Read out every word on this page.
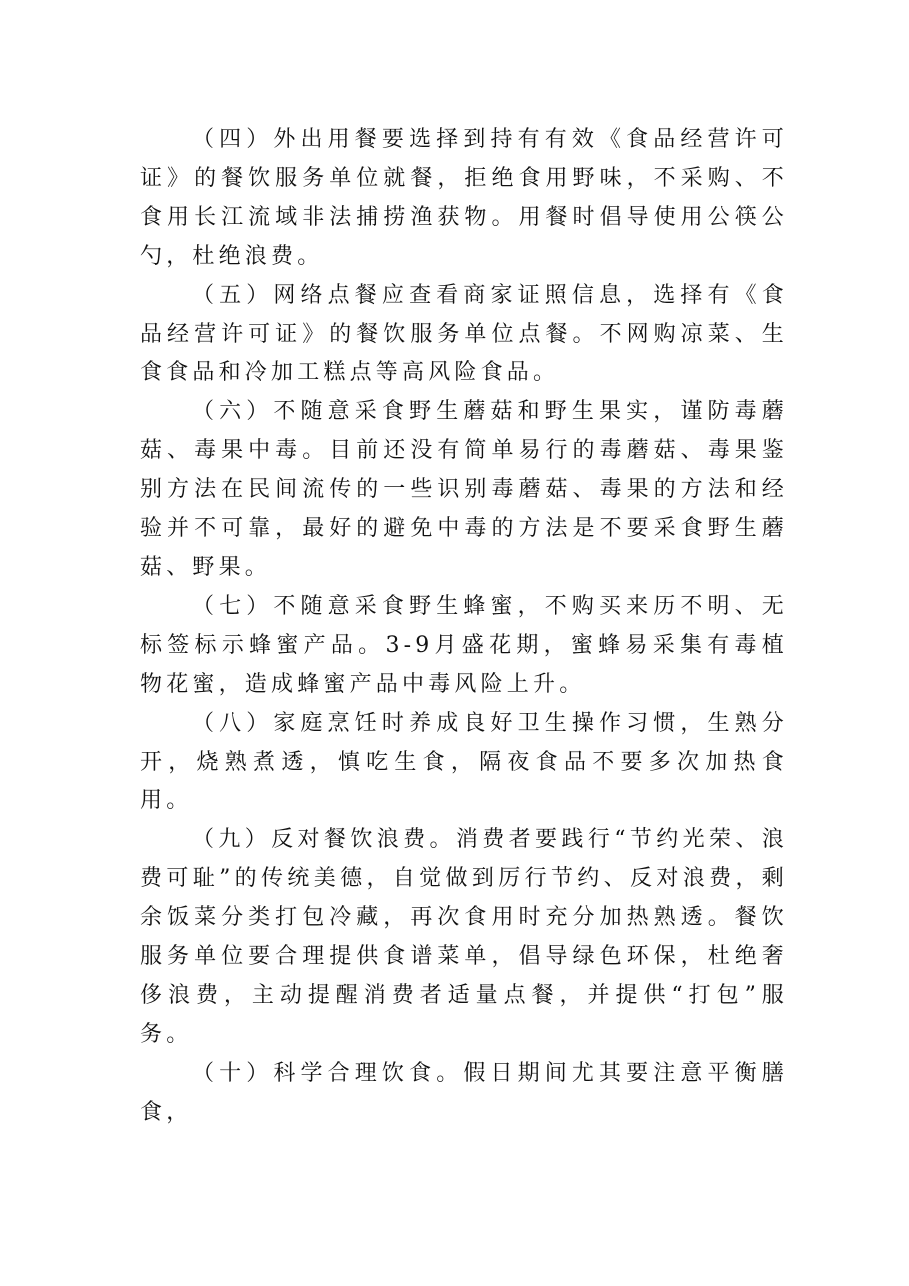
（四）外出用餐要选择到持有有效《食品经营许可证》的餐饮服务单位就餐，拒绝食用野味，不采购、不食用长江流域非法捕捞渔获物。用餐时倡导使用公筷公勺，杜绝浪费。

（五）网络点餐应查看商家证照信息，选择有《食品经营许可证》的餐饮服务单位点餐。不网购凉菜、生食食品和冷加工糕点等高风险食品。

（六）不随意采食野生蘑菇和野生果实，谨防毒蘑菇、毒果中毒。目前还没有简单易行的毒蘑菇、毒果鉴别方法在民间流传的一些识别毒蘑菇、毒果的方法和经验并不可靠，最好的避免中毒的方法是不要采食野生蘑菇、野果。

（七）不随意采食野生蜂蜜，不购买来历不明、无标签标示蜂蜜产品。3-9月盛花期，蜜蜂易采集有毒植物花蜜，造成蜂蜜产品中毒风险上升。

（八）家庭烹饪时养成良好卫生操作习惯，生熟分开，烧熟煮透，慎吃生食，隔夜食品不要多次加热食用。

（九）反对餐饮浪费。消费者要践行“节约光荣、浪费可耻”的传统美德，自觉做到厉行节约、反对浪费，剩余饭菜分类打包冷藏，再次食用时充分加热熟透。餐饮服务单位要合理提供食谱菜单，倡导绿色环保，杜绝奢侈浪费，主动提醒消费者适量点餐，并提供“打包”服务。

（十）科学合理饮食。假日期间尤其要注意平衡膳食，
